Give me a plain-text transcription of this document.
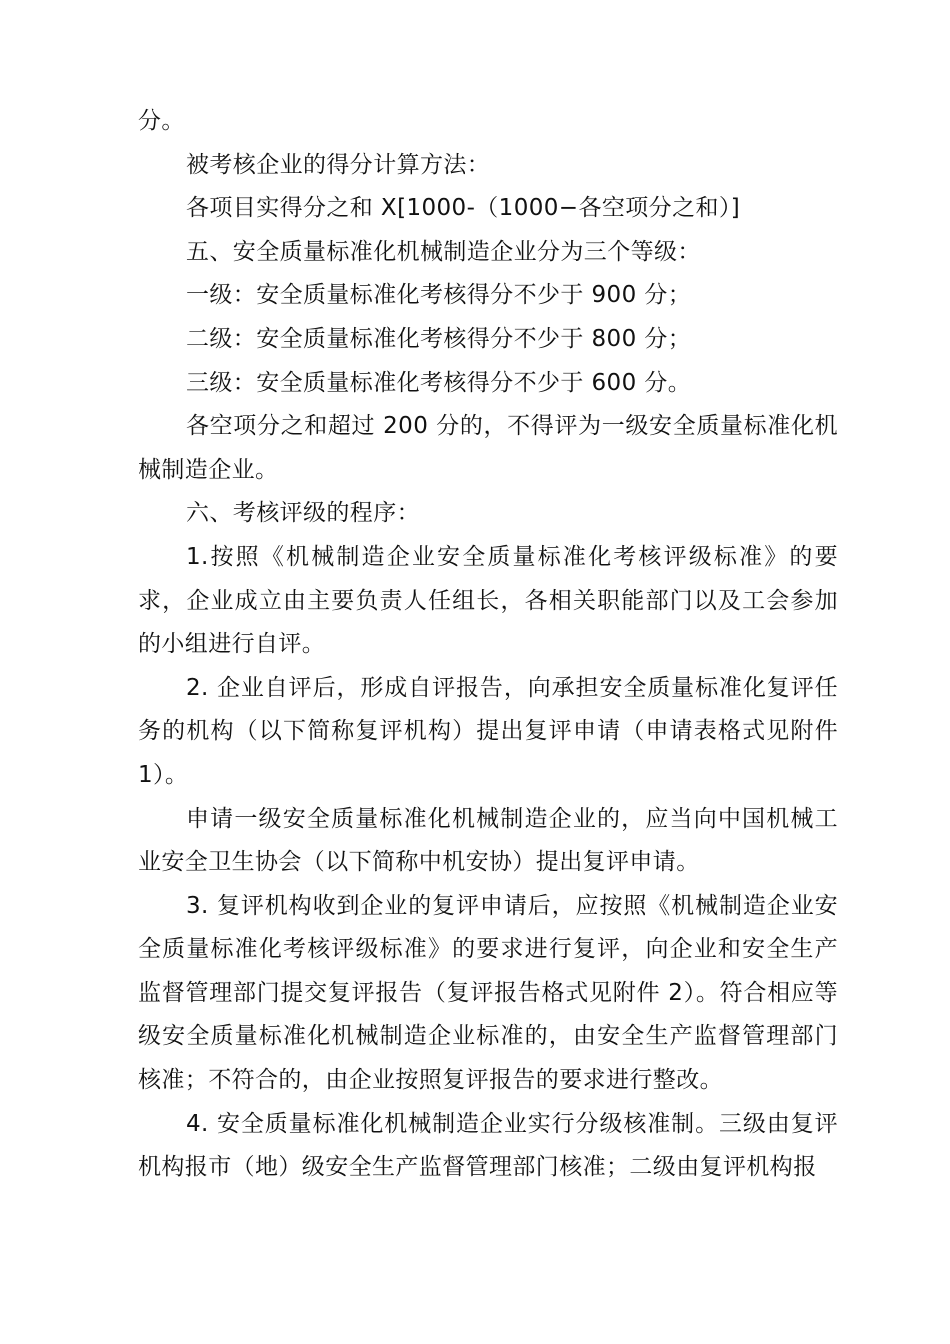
分。

被考核企业的得分计算方法：

各项目实得分之和 X[1000-（1000−各空项分之和）]

五、安全质量标准化机械制造企业分为三个等级：

一级：安全质量标准化考核得分不少于 900 分；

二级：安全质量标准化考核得分不少于 800 分；

三级：安全质量标准化考核得分不少于 600 分。

各空项分之和超过 200 分的，不得评为一级安全质量标准化机械制造企业。

六、考核评级的程序：

1.按照《机械制造企业安全质量标准化考核评级标准》的要求，企业成立由主要负责人任组长，各相关职能部门以及工会参加的小组进行自评。

2. 企业自评后，形成自评报告，向承担安全质量标准化复评任务的机构（以下简称复评机构）提出复评申请（申请表格式见附件 1）。

申请一级安全质量标准化机械制造企业的，应当向中国机械工业安全卫生协会（以下简称中机安协）提出复评申请。

3. 复评机构收到企业的复评申请后，应按照《机械制造企业安全质量标准化考核评级标准》的要求进行复评，向企业和安全生产监督管理部门提交复评报告（复评报告格式见附件 2）。符合相应等级安全质量标准化机械制造企业标准的，由安全生产监督管理部门核准；不符合的，由企业按照复评报告的要求进行整改。

4. 安全质量标准化机械制造企业实行分级核准制。三级由复评机构报市（地）级安全生产监督管理部门核准；二级由复评机构报
